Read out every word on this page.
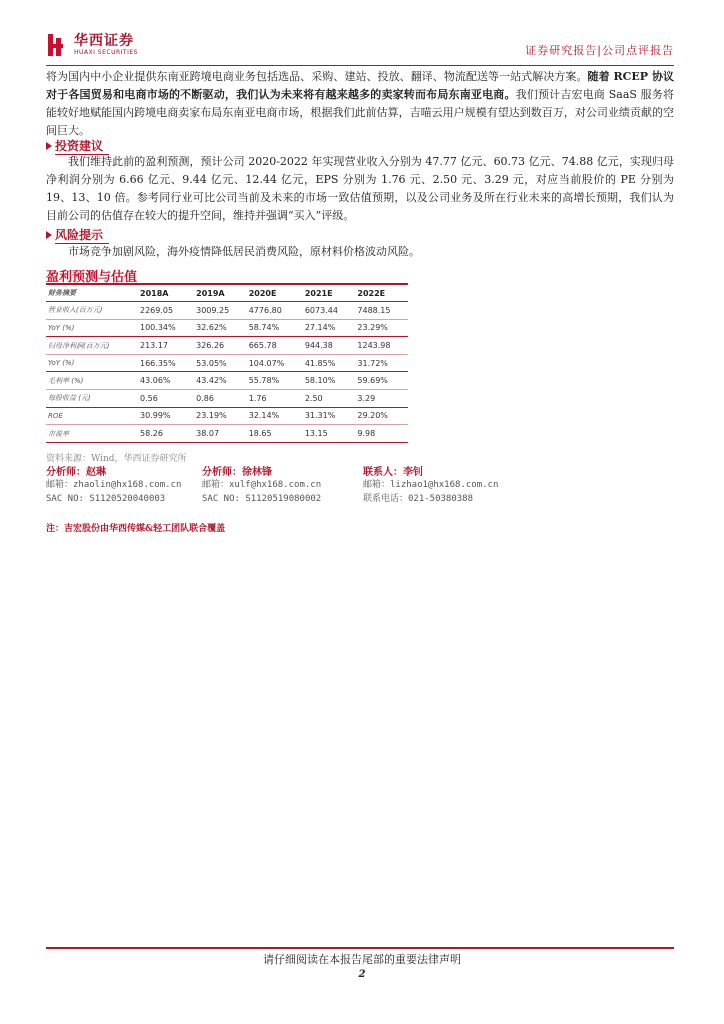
华西证券
HUAXI SECURITIES	证券研究报告|公司点评报告
将为国内中小企业提供东南亚跨境电商业务包括选品、采购、建站、投放、翻译、物流配送等一站式解决方案。随着 RCEP 协议对于各国贸易和电商市场的不断驱动，我们认为未来将有越来越多的卖家转而布局东南亚电商。我们预计吉宏电商 SaaS 服务将能较好地赋能国内跨境电商卖家布局东南亚电商市场，根据我们此前估算，吉喵云用户规模有望达到数百万，对公司业绩贡献的空间巨大。
投资建议
我们维持此前的盈利预测，预计公司 2020-2022 年实现营业收入分别为 47.77 亿元、60.73 亿元、74.88 亿元，实现归母净利润分别为 6.66 亿元、9.44 亿元、12.44 亿元，EPS 分别为 1.76 元、2.50 元、3.29 元，对应当前股价的 PE 分别为 19、13、10 倍。参考同行业可比公司当前及未来的市场一致估值预期，以及公司业务及所在行业未来的高增长预期，我们认为目前公司的估值存在较大的提升空间，维持并强调“买入”评级。
风险提示
市场竞争加剧风险，海外疫情降低居民消费风险，原材料价格波动风险。
盈利预测与估值
财务摘要	2018A	2019A	2020E	2021E	2022E
营业收入(百万元)	2269.05	3009.25	4776.80	6073.44	7488.15
YoY (%)	100.34%	32.62%	58.74%	27.14%	23.29%
归母净利润(百万元)	213.17	326.26	665.78	944.38	1243.98
YoY (%)	166.35%	53.05%	104.07%	41.85%	31.72%
毛利率 (%)	43.06%	43.42%	55.78%	58.10%	59.69%
每股收益 (元)	0.56	0.86	1.76	2.50	3.29
ROE	30.99%	23.19%	32.14%	31.31%	29.20%
市盈率	58.26	38.07	18.65	13.15	9.98
资料来源：Wind，华西证券研究所
分析师：赵琳
邮箱：zhaolin@hx168.com.cn
SAC NO: S1120520040003
分析师：徐林锋
邮箱：xulf@hx168.com.cn
SAC NO: S1120519080002
联系人：李钊
邮箱：lizhao1@hx168.com.cn
联系电话：021-50380388
注：吉宏股份由华西传媒&轻工团队联合覆盖
请仔细阅读在本报告尾部的重要法律声明
2
